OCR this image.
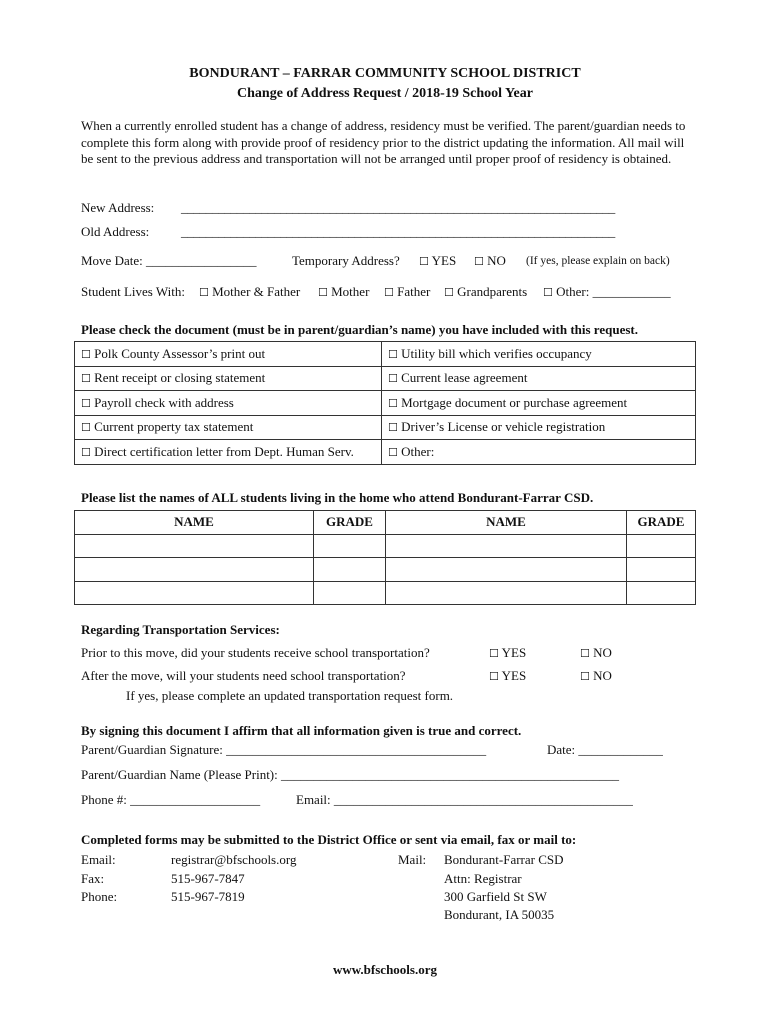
BONDURANT – FARRAR COMMUNITY SCHOOL DISTRICT
Change of Address Request / 2018-19 School Year
When a currently enrolled student has a change of address, residency must be verified. The parent/guardian needs to complete this form along with provide proof of residency prior to the district updating the information. All mail will be sent to the previous address and transportation will not be arranged until proper proof of residency is obtained.
New Address: ______________________________________________________________________
Old Address: ______________________________________________________________________
Move Date: _________________	Temporary Address? ☐ YES ☐ NO (If yes, please explain on back)
Student Lives With: ☐ Mother & Father ☐ Mother ☐ Father ☐ Grandparents ☐ Other: ____________
Please check the document (must be in parent/guardian’s name) you have included with this request.
☐ Polk County Assessor’s print out	☐ Utility bill which verifies occupancy
☐ Rent receipt or closing statement	☐ Current lease agreement
☐ Payroll check with address	☐ Mortgage document or purchase agreement
☐ Current property tax statement	☐ Driver’s License or vehicle registration
☐ Direct certification letter from Dept. Human Serv.	☐ Other:
Please list the names of ALL students living in the home who attend Bondurant-Farrar CSD.
NAME	GRADE	NAME	GRADE

Regarding Transportation Services:
Prior to this move, did your students receive school transportation?	☐ YES	☐ NO
After the move, will your students need school transportation?	☐ YES	☐ NO
If yes, please complete an updated transportation request form.
By signing this document I affirm that all information given is true and correct.
Parent/Guardian Signature: ________________________________________	Date: _____________
Parent/Guardian Name (Please Print): ____________________________________________________
Phone #: ____________________	Email: ______________________________________________
Completed forms may be submitted to the District Office or sent via email, fax or mail to:
Email:	registrar@bfschools.org
Fax:	515-967-7847
Phone:	515-967-7819
Mail: Bondurant-Farrar CSD
Attn: Registrar
300 Garfield St SW
Bondurant, IA 50035
www.bfschools.org
